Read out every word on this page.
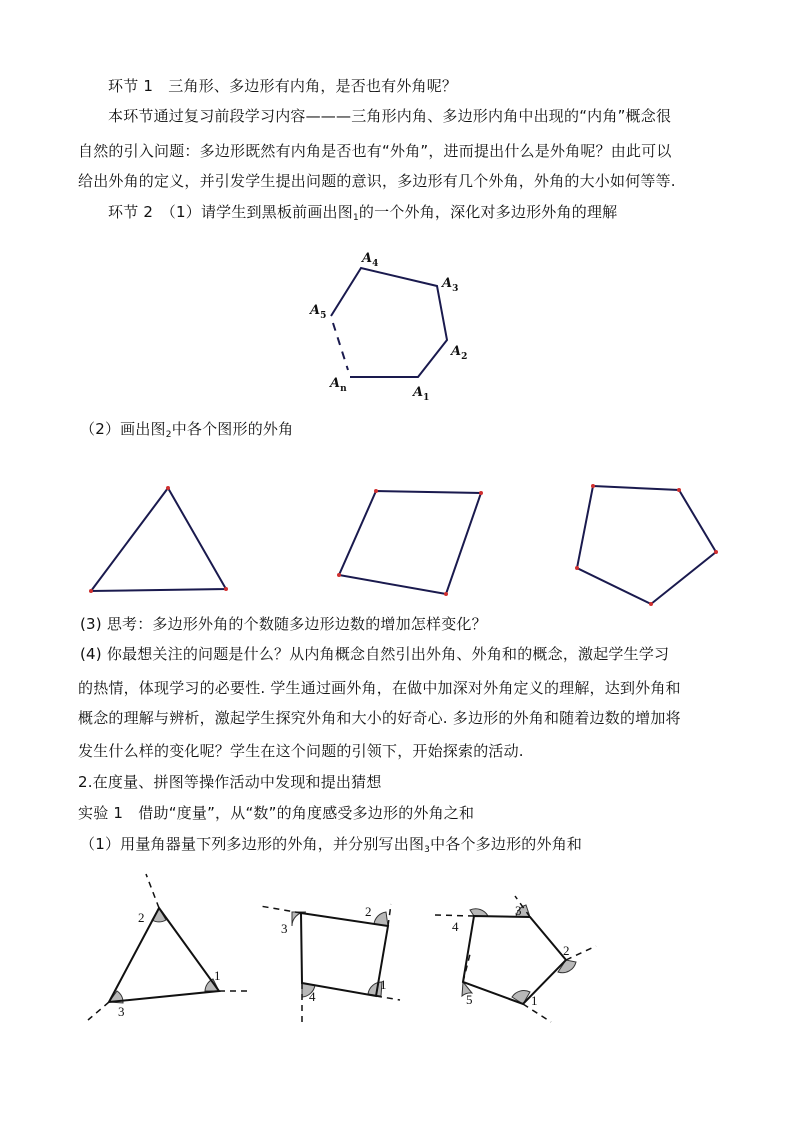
环节 1　三角形、多边形有内角，是否也有外角呢？
本环节通过复习前段学习内容———三角形内角、多边形内角中出现的“内角”概念很
自然的引入问题：多边形既然有内角是否也有“外角”，进而提出什么是外角呢？由此可以
给出外角的定义，并引发学生提出问题的意识，多边形有几个外角，外角的大小如何等等.
环节 2　（1）请学生到黑板前画出图$_1$的一个外角，深化对多边形外角的理解
$A_4$
$A_3$
$A_5$
$A_2$
$A_n$	$A_1$
（2）画出图$_2$中各个图形的外角
(3) 思考：多边形外角的个数随多边形边数的增加怎样变化？
(4) 你最想关注的问题是什么？从内角概念自然引出外角、外角和的概念，激起学生学习
的热情，体现学习的必要性. 学生通过画外角，在做中加深对外角定义的理解，达到外角和
概念的理解与辨析，激起学生探究外角和大小的好奇心. 多边形的外角和随着边数的增加将
发生什么样的变化呢？学生在这个问题的引领下，开始探索的活动.
2.在度量、拼图等操作活动中发现和提出猜想
实验 1　借助“度量”，从“数”的角度感受多边形的外角之和
（1）用量角器量下列多边形的外角，并分别写出图$_3$中各个多边形的外角和
1
2
3
2
3
1
4
3
4
2
5	1
